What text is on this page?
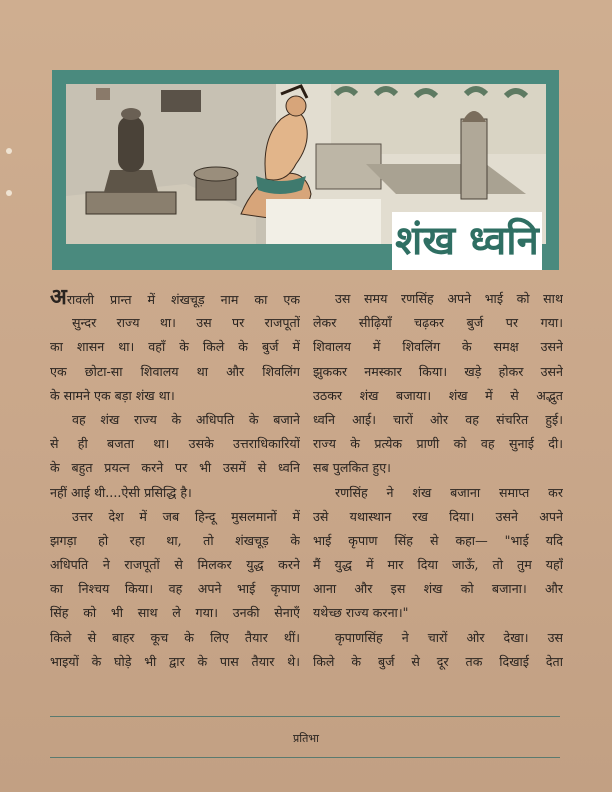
शंख ध्वनि
अरावली प्रान्त में शंखचूड़ नाम का एक
सुन्दर राज्य था। उस पर राजपूतों
का शासन था। वहाँ के किले के बुर्ज में
एक छोटा-सा शिवालय था और शिवलिंग
के सामने एक बड़ा शंख था।
वह शंख राज्य के अधिपति के बजाने
से ही बजता था। उसके उत्तराधिकारियों
के बहुत प्रयत्न करने पर भी उसमें से ध्वनि
नहीं आई थी....ऐसी प्रसिद्धि है।
उत्तर देश में जब हिन्दू मुसलमानों में
झगड़ा हो रहा था, तो शंखचूड़ के
अधिपति ने राजपूतों से मिलकर युद्ध करने
का निश्चय किया। वह अपने भाई कृपाण
सिंह को भी साथ ले गया। उनकी सेनाएँ
किले से बाहर कूच के लिए तैयार थीं।
भाइयों के घोड़े भी द्वार के पास तैयार थे।
उस समय रणसिंह अपने भाई को साथ
लेकर सीढ़ियाँ चढ़कर बुर्ज पर गया।
शिवालय में शिवलिंग के समक्ष उसने
झुककर नमस्कार किया। खड़े होकर उसने
उठकर शंख बजाया। शंख में से अद्भुत
ध्वनि आई। चारों ओर वह संचरित हुई।
राज्य के प्रत्येक प्राणी को वह सुनाई दी।
सब पुलकित हुए।
रणसिंह ने शंख बजाना समाप्त कर
उसे यथास्थान रख दिया। उसने अपने
भाई कृपाण सिंह से कहा— "भाई यदि
मैं युद्ध में मार दिया जाऊँ, तो तुम यहाँ
आना और इस शंख को बजाना। और
यथेच्छ राज्य करना।"
कृपाणसिंह ने चारों ओर देखा। उस
किले के बुर्ज से दूर तक दिखाई देता
प्रतिभा
